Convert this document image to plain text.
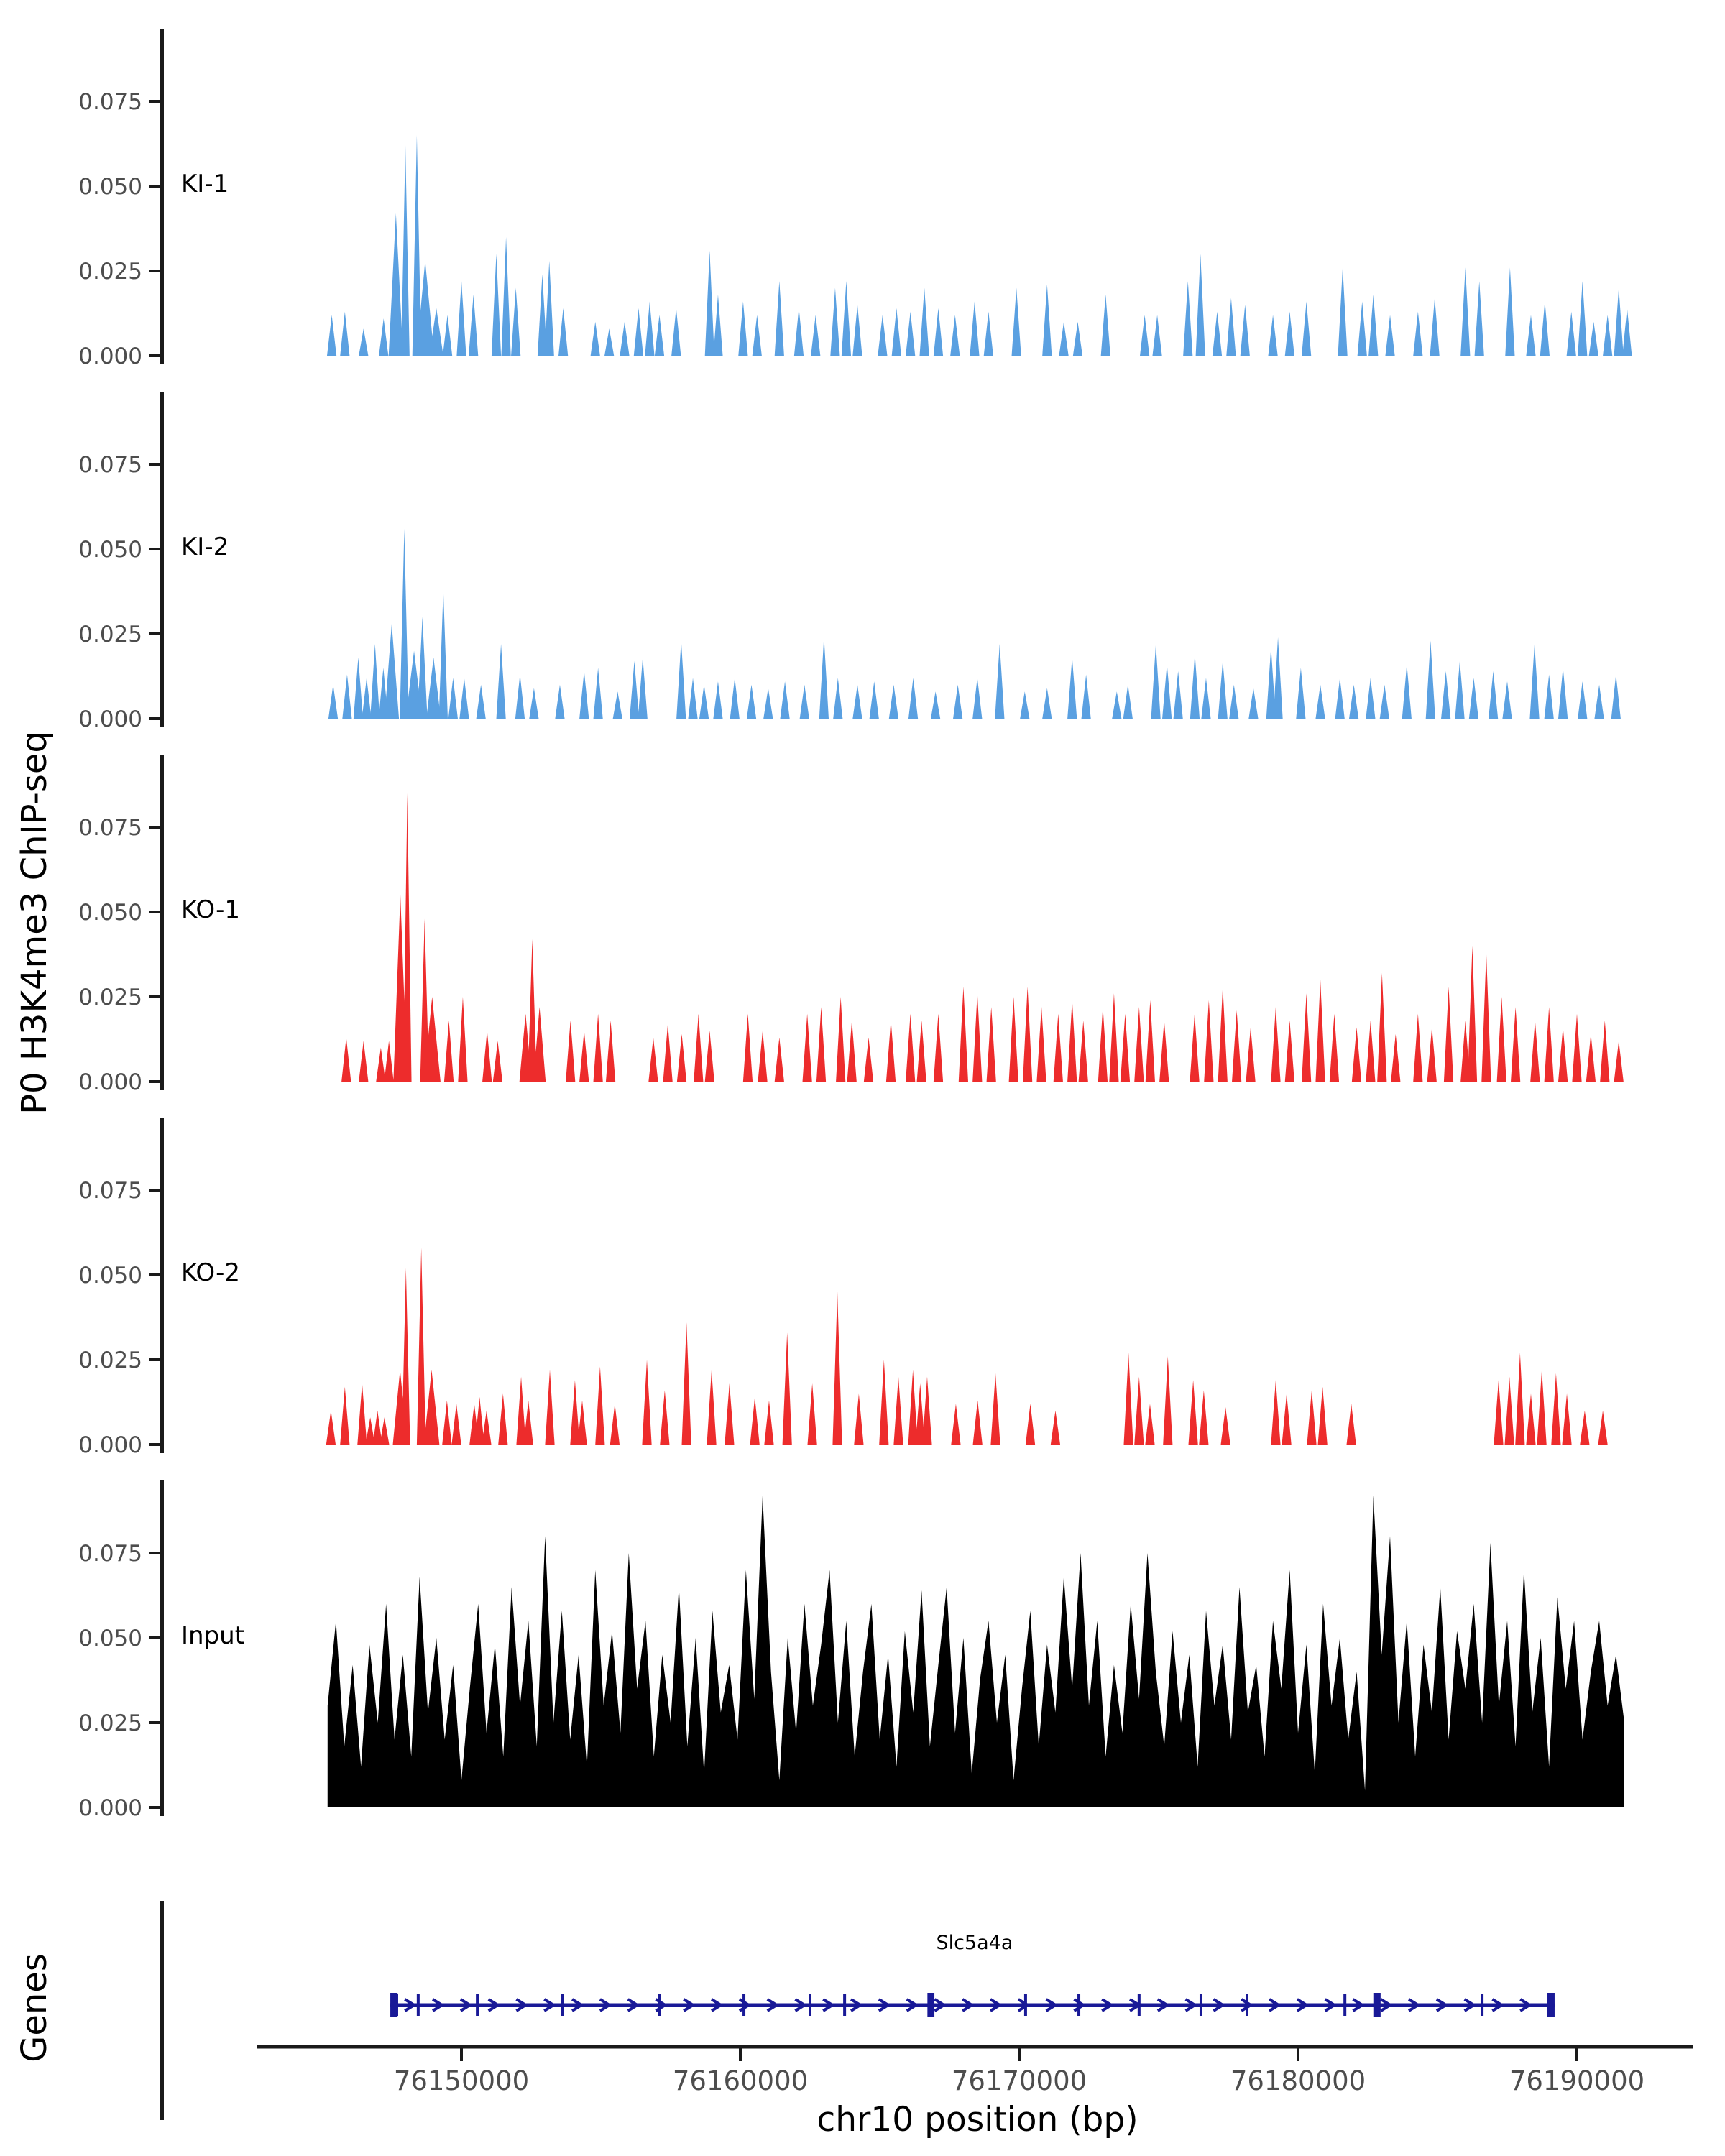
0.000
0.025
0.050
0.075
KI-1
0.000
0.025
0.050
0.075
KI-2
0.000
0.025
0.050
0.075
KO-1
0.000
0.025
0.050
0.075
KO-2
0.000
0.025
0.050
0.075
Input
Slc5a4a
76150000	76160000	76170000	76180000	76190000
P0 H3K4me3 ChIP-seq
Genes
chr10 position (bp)
